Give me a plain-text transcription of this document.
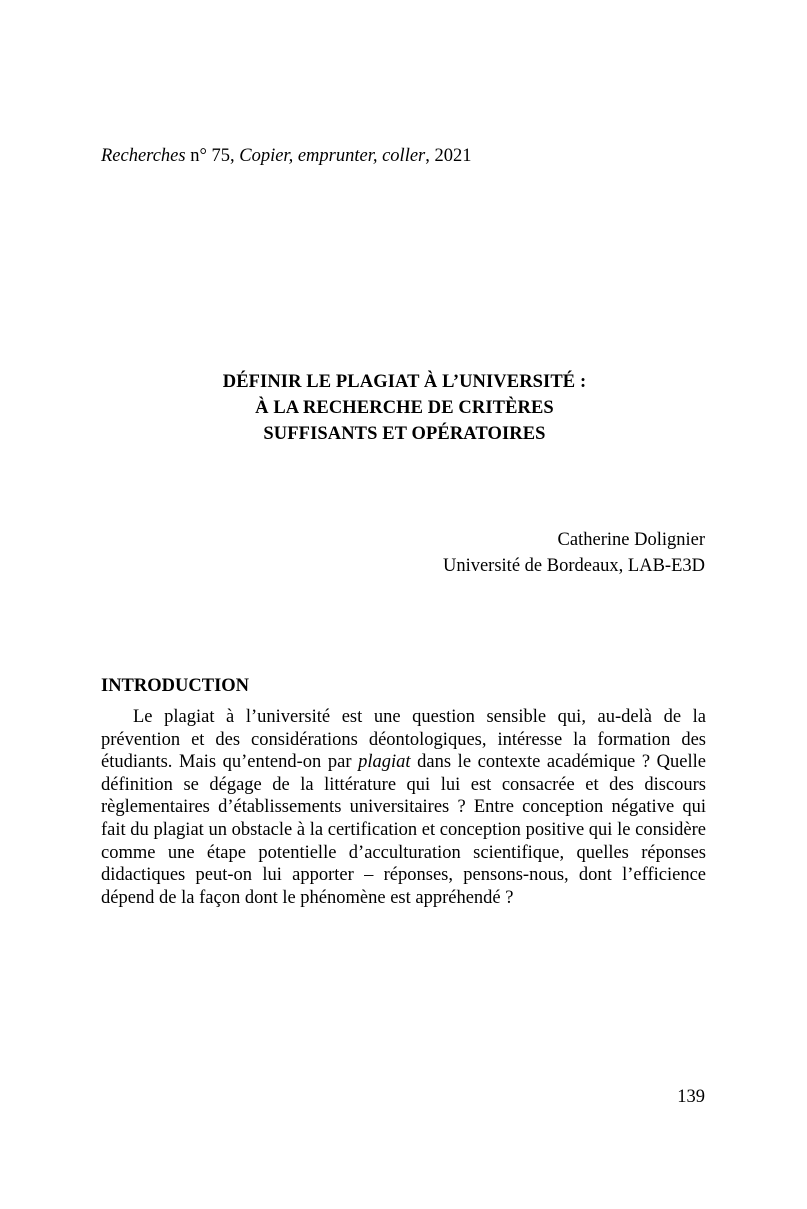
Recherches n° 75, Copier, emprunter, coller, 2021
DÉFINIR LE PLAGIAT À L’UNIVERSITÉ :
À LA RECHERCHE DE CRITÈRES
SUFFISANTS ET OPÉRATOIRES
Catherine Dolignier
Université de Bordeaux, LAB-E3D
INTRODUCTION

Le plagiat à l’université est une question sensible qui, au-delà de la prévention et des considérations déontologiques, intéresse la formation des étudiants. Mais qu’entend-on par plagiat dans le contexte académique ? Quelle définition se dégage de la littérature qui lui est consacrée et des discours règlementaires d’établissements universitaires ? Entre conception négative qui fait du plagiat un obstacle à la certification et conception positive qui le considère comme une étape potentielle d’acculturation scientifique, quelles réponses didactiques peut-on lui apporter – réponses, pensons-nous, dont l’efficience dépend de la façon dont le phénomène est appréhendé ?

139
